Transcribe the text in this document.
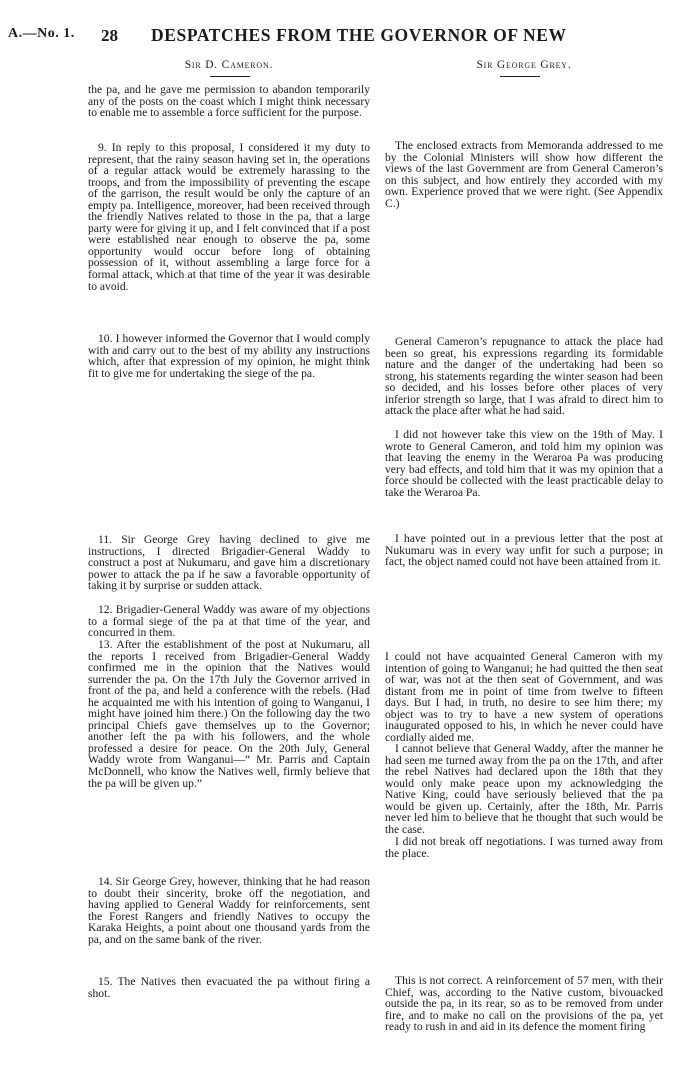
A.—No. 1. 28 DESPATCHES FROM THE GOVERNOR OF NEW
Sir D. Cameron.	Sir George Grey.

the pa, and he gave me permission to abandon temporarily any of the posts on the coast which I might think necessary to enable me to assemble a force sufficient for the purpose.

9. In reply to this proposal, I considered it my duty to represent, that the rainy season having set in, the operations of a regular attack would be extremely harassing to the troops, and from the impossibility of preventing the escape of the garrison, the result would be only the capture of an empty pa. Intelligence, moreover, had been received through the friendly Natives related to those in the pa, that a large party were for giving it up, and I felt convinced that if a post were established near enough to observe the pa, some opportunity would occur before long of obtaining possession of it, without assembling a large force for a formal attack, which at that time of the year it was desirable to avoid.

10. I however informed the Governor that I would comply with and carry out to the best of my ability any instructions which, after that expression of my opinion, he might think fit to give me for undertaking the siege of the pa.

11. Sir George Grey having declined to give me instructions, I directed Brigadier-General Waddy to construct a post at Nukumaru, and gave him a discretionary power to attack the pa if he saw a favorable opportunity of taking it by surprise or sudden attack.

12. Brigadier-General Waddy was aware of my objections to a formal siege of the pa at that time of the year, and concurred in them.

13. After the establishment of the post at Nukumaru, all the reports I received from Brigadier-General Waddy confirmed me in the opinion that the Natives would surrender the pa. On the 17th July the Governor arrived in front of the pa, and held a conference with the rebels. (Had he acquainted me with his intention of going to Wanganui, I might have joined him there.) On the following day the two principal Chiefs gave themselves up to the Governor; another left the pa with his followers, and the whole professed a desire for peace. On the 20th July, General Waddy wrote from Wanganui—“ Mr. Parris and Captain McDonnell, who know the Natives well, firmly believe that the pa will be given up.”

14. Sir George Grey, however, thinking that he had reason to doubt their sincerity, broke off the negotiation, and having applied to General Waddy for reinforcements, sent the Forest Rangers and friendly Natives to occupy the Karaka Heights, a point about one thousand yards from the pa, and on the same bank of the river.

15. The Natives then evacuated the pa without firing a shot.

The enclosed extracts from Memoranda addressed to me by the Colonial Ministers will show how different the views of the last Government are from General Cameron’s on this subject, and how entirely they accorded with my own. Experience proved that we were right. (See Appendix C.)

General Cameron’s repugnance to attack the place had been so great, his expressions regarding its formidable nature and the danger of the undertaking had been so strong, his statements regarding the winter season had been so decided, and his losses before other places of very inferior strength so large, that I was afraid to direct him to attack the place after what he had said.

I did not however take this view on the 19th of May. I wrote to General Cameron, and told him my opinion was that leaving the enemy in the Weraroa Pa was producing very bad effects, and told him that it was my opinion that a force should be collected with the least practicable delay to take the Weraroa Pa.

I have pointed out in a previous letter that the post at Nukumaru was in every way unfit for such a purpose; in fact, the object named could not have been attained from it.

I could not have acquainted General Cameron with my intention of going to Wanganui; he had quitted the then seat of war, was not at the then seat of Government, and was distant from me in point of time from twelve to fifteen days. But I had, in truth, no desire to see him there; my object was to try to have a new system of operations inaugurated opposed to his, in which he never could have cordially aided me.

I cannot believe that General Waddy, after the manner he had seen me turned away from the pa on the 17th, and after the rebel Natives had declared upon the 18th that they would only make peace upon my acknowledging the Native King, could have seriously believed that the pa would be given up. Certainly, after the 18th, Mr. Parris never led him to believe that he thought that such would be the case.

I did not break off negotiations. I was turned away from the place.

This is not correct. A reinforcement of 57 men, with their Chief, was, according to the Native custom, bivouacked outside the pa, in its rear, so as to be removed from under fire, and to make no call on the provisions of the pa, yet ready to rush in and aid in its defence the moment firing
